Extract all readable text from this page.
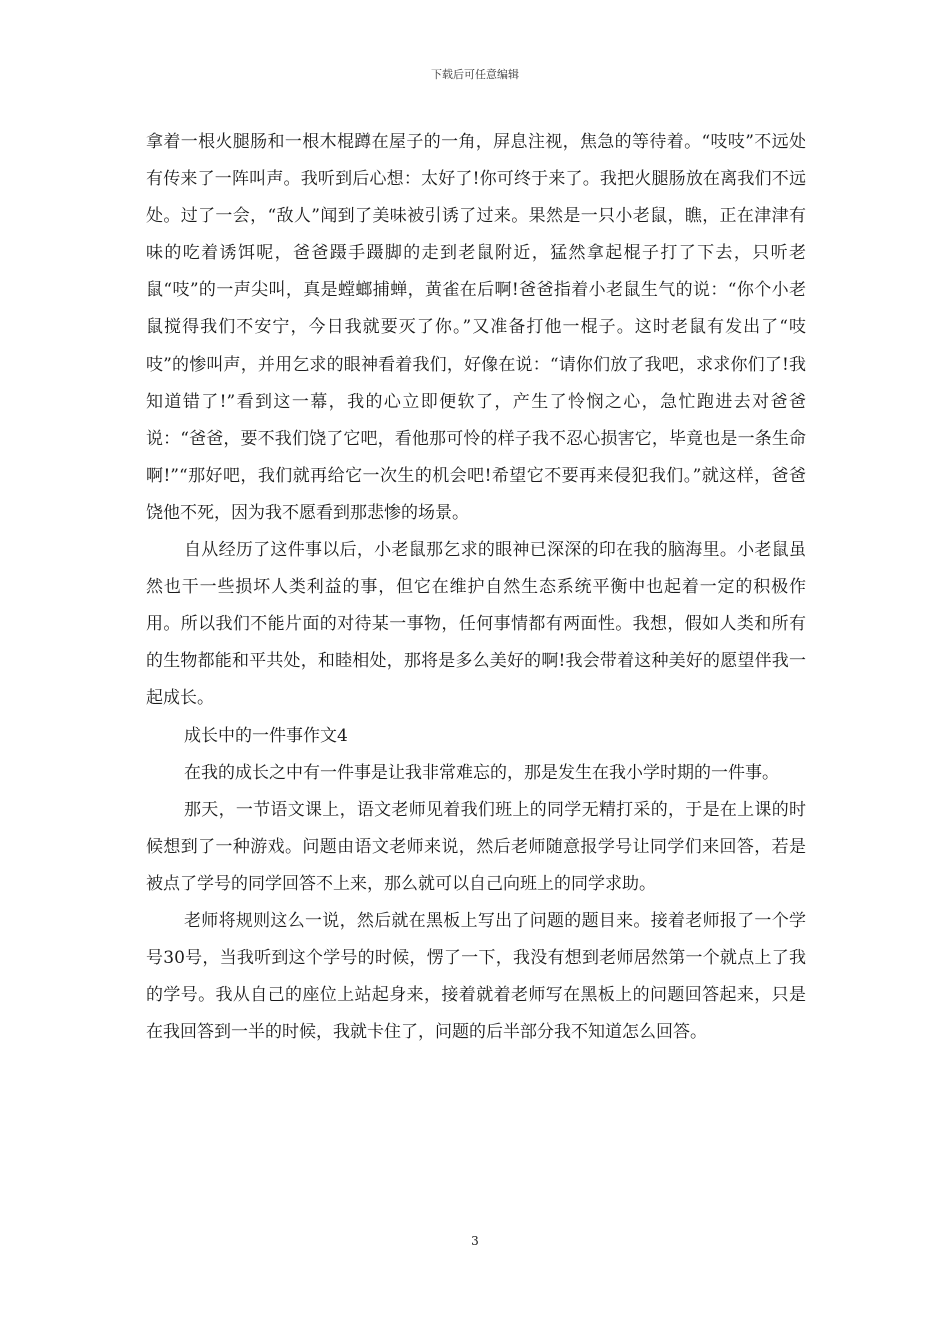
下载后可任意编辑

拿着一根火腿肠和一根木棍蹲在屋子的一角，屏息注视，焦急的等待着。“吱吱”不远处有传来了一阵叫声。我听到后心想：太好了!你可终于来了。我把火腿肠放在离我们不远处。过了一会，“敌人”闻到了美味被引诱了过来。果然是一只小老鼠，瞧，正在津津有味的吃着诱饵呢，爸爸蹑手蹑脚的走到老鼠附近，猛然拿起棍子打了下去，只听老鼠“吱”的一声尖叫，真是螳螂捕蝉，黄雀在后啊!爸爸指着小老鼠生气的说：“你个小老鼠搅得我们不安宁，今日我就要灭了你。”又准备打他一棍子。这时老鼠有发出了“吱吱”的惨叫声，并用乞求的眼神看着我们，好像在说：“请你们放了我吧，求求你们了!我知道错了!”看到这一幕，我的心立即便软了，产生了怜悯之心，急忙跑进去对爸爸说：“爸爸，要不我们饶了它吧，看他那可怜的样子我不忍心损害它，毕竟也是一条生命啊!”“那好吧，我们就再给它一次生的机会吧!希望它不要再来侵犯我们。”就这样，爸爸饶他不死，因为我不愿看到那悲惨的场景。

自从经历了这件事以后，小老鼠那乞求的眼神已深深的印在我的脑海里。小老鼠虽然也干一些损坏人类利益的事，但它在维护自然生态系统平衡中也起着一定的积极作用。所以我们不能片面的对待某一事物，任何事情都有两面性。我想，假如人类和所有的生物都能和平共处，和睦相处，那将是多么美好的啊!我会带着这种美好的愿望伴我一起成长。

成长中的一件事作文4

在我的成长之中有一件事是让我非常难忘的，那是发生在我小学时期的一件事。

那天，一节语文课上，语文老师见着我们班上的同学无精打采的，于是在上课的时候想到了一种游戏。问题由语文老师来说，然后老师随意报学号让同学们来回答，若是被点了学号的同学回答不上来，那么就可以自己向班上的同学求助。

老师将规则这么一说，然后就在黑板上写出了问题的题目来。接着老师报了一个学号30号，当我听到这个学号的时候，愣了一下，我没有想到老师居然第一个就点上了我的学号。我从自己的座位上站起身来，接着就着老师写在黑板上的问题回答起来，只是在我回答到一半的时候，我就卡住了，问题的后半部分我不知道怎么回答。

3
